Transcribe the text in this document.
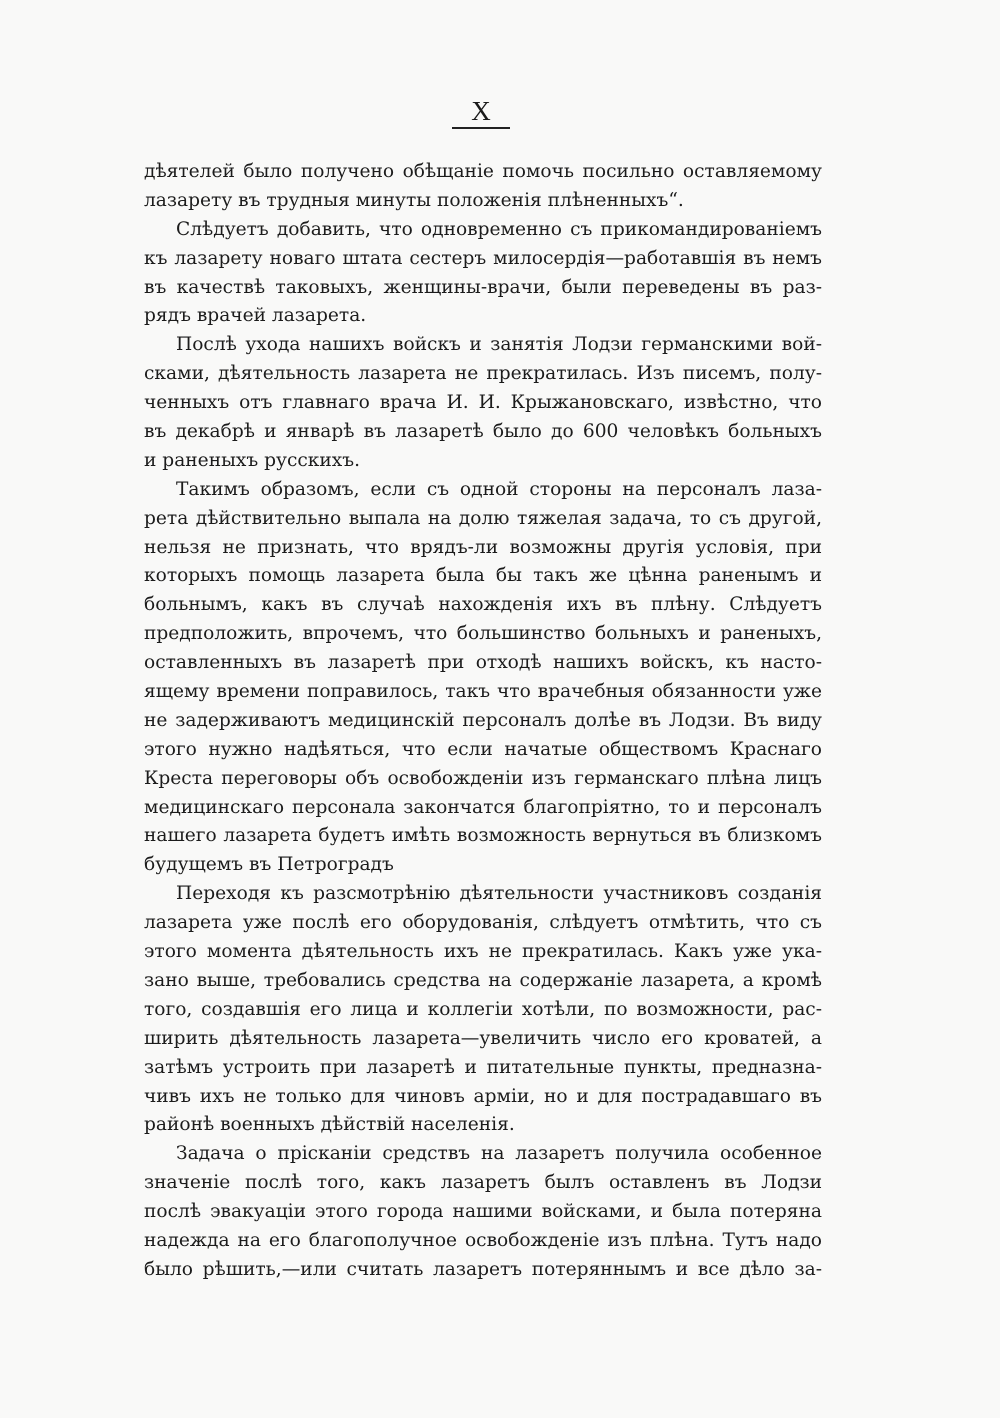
X
дѣятелей было получено обѣщаніе помочь посильно оставляемому
лазарету въ трудныя минуты положенія плѣненныхъ“.
Слѣдуетъ добавить, что одновременно съ прикомандированіемъ
къ лазарету новаго штата сестеръ милосердія—работавшія въ немъ
въ качествѣ таковыхъ, женщины-врачи, были переведены въ раз-
рядъ врачей лазарета.
Послѣ ухода нашихъ войскъ и занятія Лодзи германскими вой-
сками, дѣятельность лазарета не прекратилась. Изъ писемъ, полу-
ченныхъ отъ главнаго врача И. И. Крыжановскаго, извѣстно, что
въ декабрѣ и январѣ въ лазаретѣ было до 600 человѣкъ больныхъ
и раненыхъ русскихъ.
Такимъ образомъ, если съ одной стороны на персоналъ лаза-
рета дѣйствительно выпала на долю тяжелая задача, то съ другой,
нельзя не признать, что врядъ-ли возможны другія условія, при
которыхъ помощь лазарета была бы такъ же цѣнна раненымъ и
больнымъ, какъ въ случаѣ нахожденія ихъ въ плѣну. Слѣдуетъ
предположить, впрочемъ, что большинство больныхъ и раненыхъ,
оставленныхъ въ лазаретѣ при отходѣ нашихъ войскъ, къ насто-
ящему времени поправилось, такъ что врачебныя обязанности уже
не задерживаютъ медицинскій персоналъ долѣе въ Лодзи. Въ виду
этого нужно надѣяться, что если начатые обществомъ Краснаго
Креста переговоры объ освобожденіи изъ германскаго плѣна лицъ
медицинскаго персонала закончатся благопріятно, то и персоналъ
нашего лазарета будетъ имѣть возможность вернуться въ близкомъ
будущемъ въ Петроградъ
Переходя къ разсмотрѣнію дѣятельности участниковъ созданія
лазарета уже послѣ его оборудованія, слѣдуетъ отмѣтить, что съ
этого момента дѣятельность ихъ не прекратилась. Какъ уже ука-
зано выше, требовались средства на содержаніе лазарета, а кромѣ
того, создавшія его лица и коллегіи хотѣли, по возможности, рас-
ширить дѣятельность лазарета—увеличить число его кроватей, а
затѣмъ устроить при лазаретѣ и питательные пункты, предназна-
чивъ ихъ не только для чиновъ арміи, но и для пострадавшаго въ
районѣ военныхъ дѣйствій населенія.
Задача о прісканіи средствъ на лазаретъ получила особенное
значеніе послѣ того, какъ лазаретъ былъ оставленъ въ Лодзи
послѣ эвакуаціи этого города нашими войсками, и была потеряна
надежда на его благополучное освобожденіе изъ плѣна. Тутъ надо
было рѣшить,—или считать лазаретъ потеряннымъ и все дѣло за-
